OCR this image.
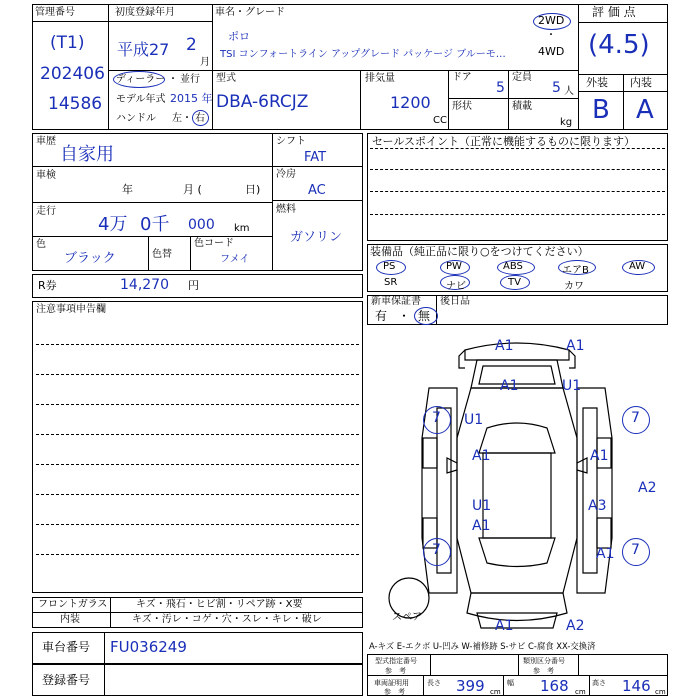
管理番号
(T1)
202406
14586
初度登録年月
平成27 2
月
車名・グレード
ポロ
TSI コンフォートライン アップグレード パッケージ ブルーモ…
2WD
・
4WD
評 価 点
(4.5)
外装 内装
B A
ディーラー ・ 並行
モデル年式 2015 年
ハンドル 左 ・ 右
型式
DBA-6RCJZ
排気量
1200
CC
ドア
5
定員
5 人
形状	積載
kg
車歴
自家用
車検
年	月 (	日)
走行
4万 0千 000 km
色
ブラック	色替
色コード
フメイ
シフト
FAT
冷房
AC
燃料
ガソリン
R券	14,270 円
注意事項申告欄
フロントガラス	キズ・飛石・ヒビ割・リペア跡・X要
内装	キズ・汚レ・コゲ・穴・スレ・キレ・破レ
車台番号 FU036249
登録番号
セールスポイント（正常に機能するものに限ります）
装備品（純正品に限り○をつけてください）
PS	PW	ABS	エアB	AW
SR	ナビ	TV	カワ
新車保証書
有 ・ 無
後日品
A1	A1
A1	U1
7 U1	7
A1	A1
A2
U1	A3
A1
7	A1 7
A1	A2
スペア
A-キズ E-エクボ U-凹み W-補修跡 S-サビ C-腐食 XX-交換済
型式指定番号
参　考
類別区分番号
参　考
車両証明用
参　考
長さ 399 cm
幅 168 cm
高さ 146 cm
